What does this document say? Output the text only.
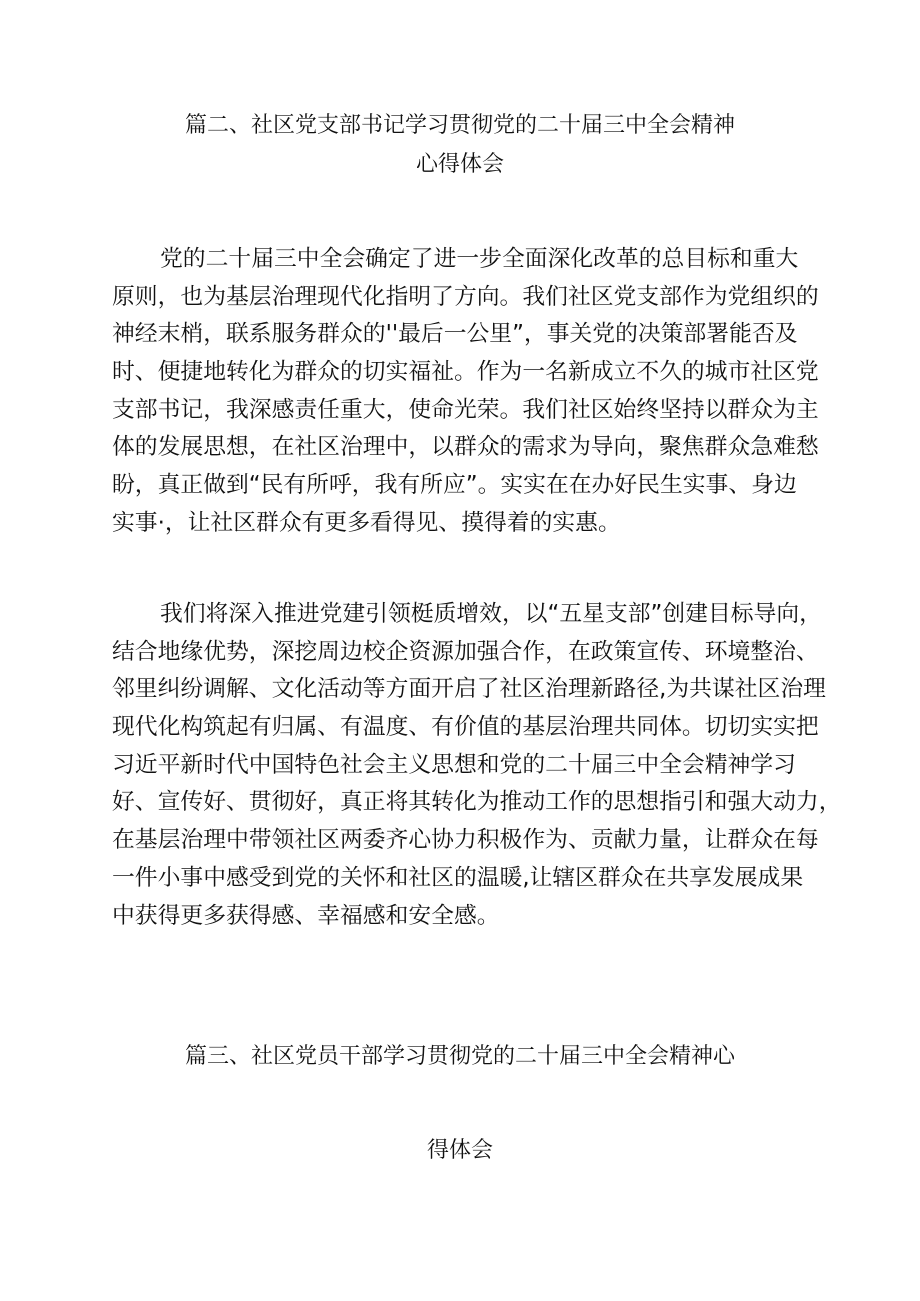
篇二、社区党支部书记学习贯彻党的二十届三中全会精神
心得体会
党的二十届三中全会确定了进一步全面深化改革的总目标和重大
原则，也为基层治理现代化指明了方向。我们社区党支部作为党组织的
神经末梢，联系服务群众的''最后一公里”，事关党的决策部署能否及
时、便捷地转化为群众的切实福祉。作为一名新成立不久的城市社区党
支部书记，我深感责任重大，使命光荣。我们社区始终坚持以群众为主
体的发展思想，在社区治理中，以群众的需求为导向，聚焦群众急难愁
盼，真正做到“民有所呼，我有所应”。实实在在办好民生实事、身边
实事·，让社区群众有更多看得见、摸得着的实惠。
我们将深入推进党建引领梃质增效，以“五星支部”创建目标导向，
结合地缘优势，深挖周边校企资源加强合作，在政策宣传、环境整治、
邻里纠纷调解、文化活动等方面开启了社区治理新路径,为共谋社区治理
现代化构筑起有归属、有温度、有价值的基层治理共同体。切切实实把
习近平新时代中国特色社会主义思想和党的二十届三中全会精神学习
好、宣传好、贯彻好，真正将其转化为推动工作的思想指引和强大动力，
在基层治理中带领社区两委齐心协力积极作为、贡献力量，让群众在每
一件小事中感受到党的关怀和社区的温暖,让辖区群众在共享发展成果
中获得更多获得感、幸福感和安全感。
篇三、社区党员干部学习贯彻党的二十届三中全会精神心
得体会
